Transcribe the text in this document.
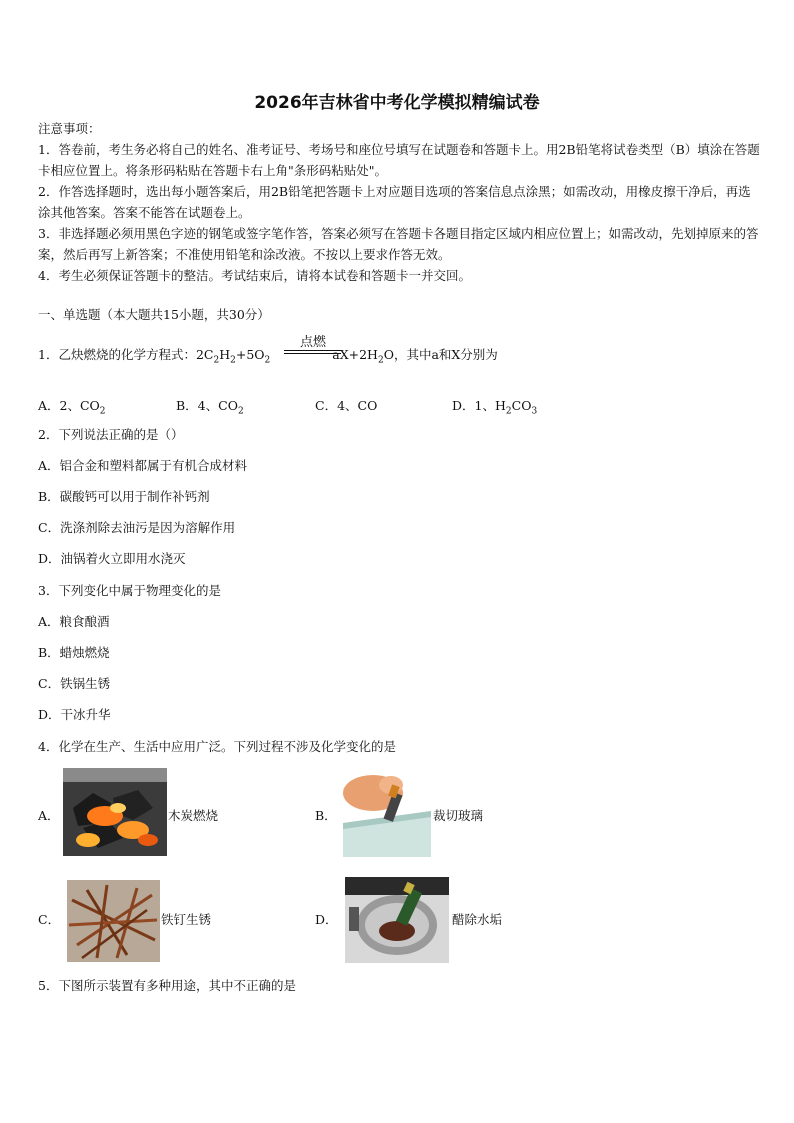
2026年吉林省中考化学模拟精编试卷

注意事项：

1．答卷前，考生务必将自己的姓名、准考证号、考场号和座位号填写在试题卷和答题卡上。用2B铅笔将试卷类型（B）填涂在答题卡相应位置上。将条形码粘贴在答题卡右上角"条形码粘贴处"。

2．作答选择题时，选出每小题答案后，用2B铅笔把答题卡上对应题目选项的答案信息点涂黑；如需改动，用橡皮擦干净后，再选涂其他答案。答案不能答在试题卷上。

3．非选择题必须用黑色字迹的钢笔或签字笔作答，答案必须写在答题卡各题目指定区域内相应位置上；如需改动，先划掉原来的答案，然后再写上新答案；不准使用铅笔和涂改液。不按以上要求作答无效。

4．考生必须保证答题卡的整洁。考试结束后，请将本试卷和答题卡一并交回。

一、单选题（本大题共15小题，共30分）
点燃
1．乙炔燃烧的化学方程式：$2C_2H_2+5O_2$	$aX+2H_2O$，其中a和X分别为
A．2、$CO_2$	B．4、$CO_2$	C．4、CO	D．1、$H_2CO_3$
2．下列说法正确的是（）
A．铝合金和塑料都属于有机合成材料
B．碳酸钙可以用于制作补钙剂
C．洗涤剂除去油污是因为溶解作用
D．油锅着火立即用水浇灭
3．下列变化中属于物理变化的是
A．粮食酿酒
B．蜡烛燃烧
C．铁锅生锈
D．干冰升华
4．化学在生产、生活中应用广泛。下列过程不涉及化学变化的是
A．	木炭燃烧	B．	裁切玻璃
C．	铁钉生锈	D．	醋除水垢
5．下图所示装置有多种用途，其中不正确的是
